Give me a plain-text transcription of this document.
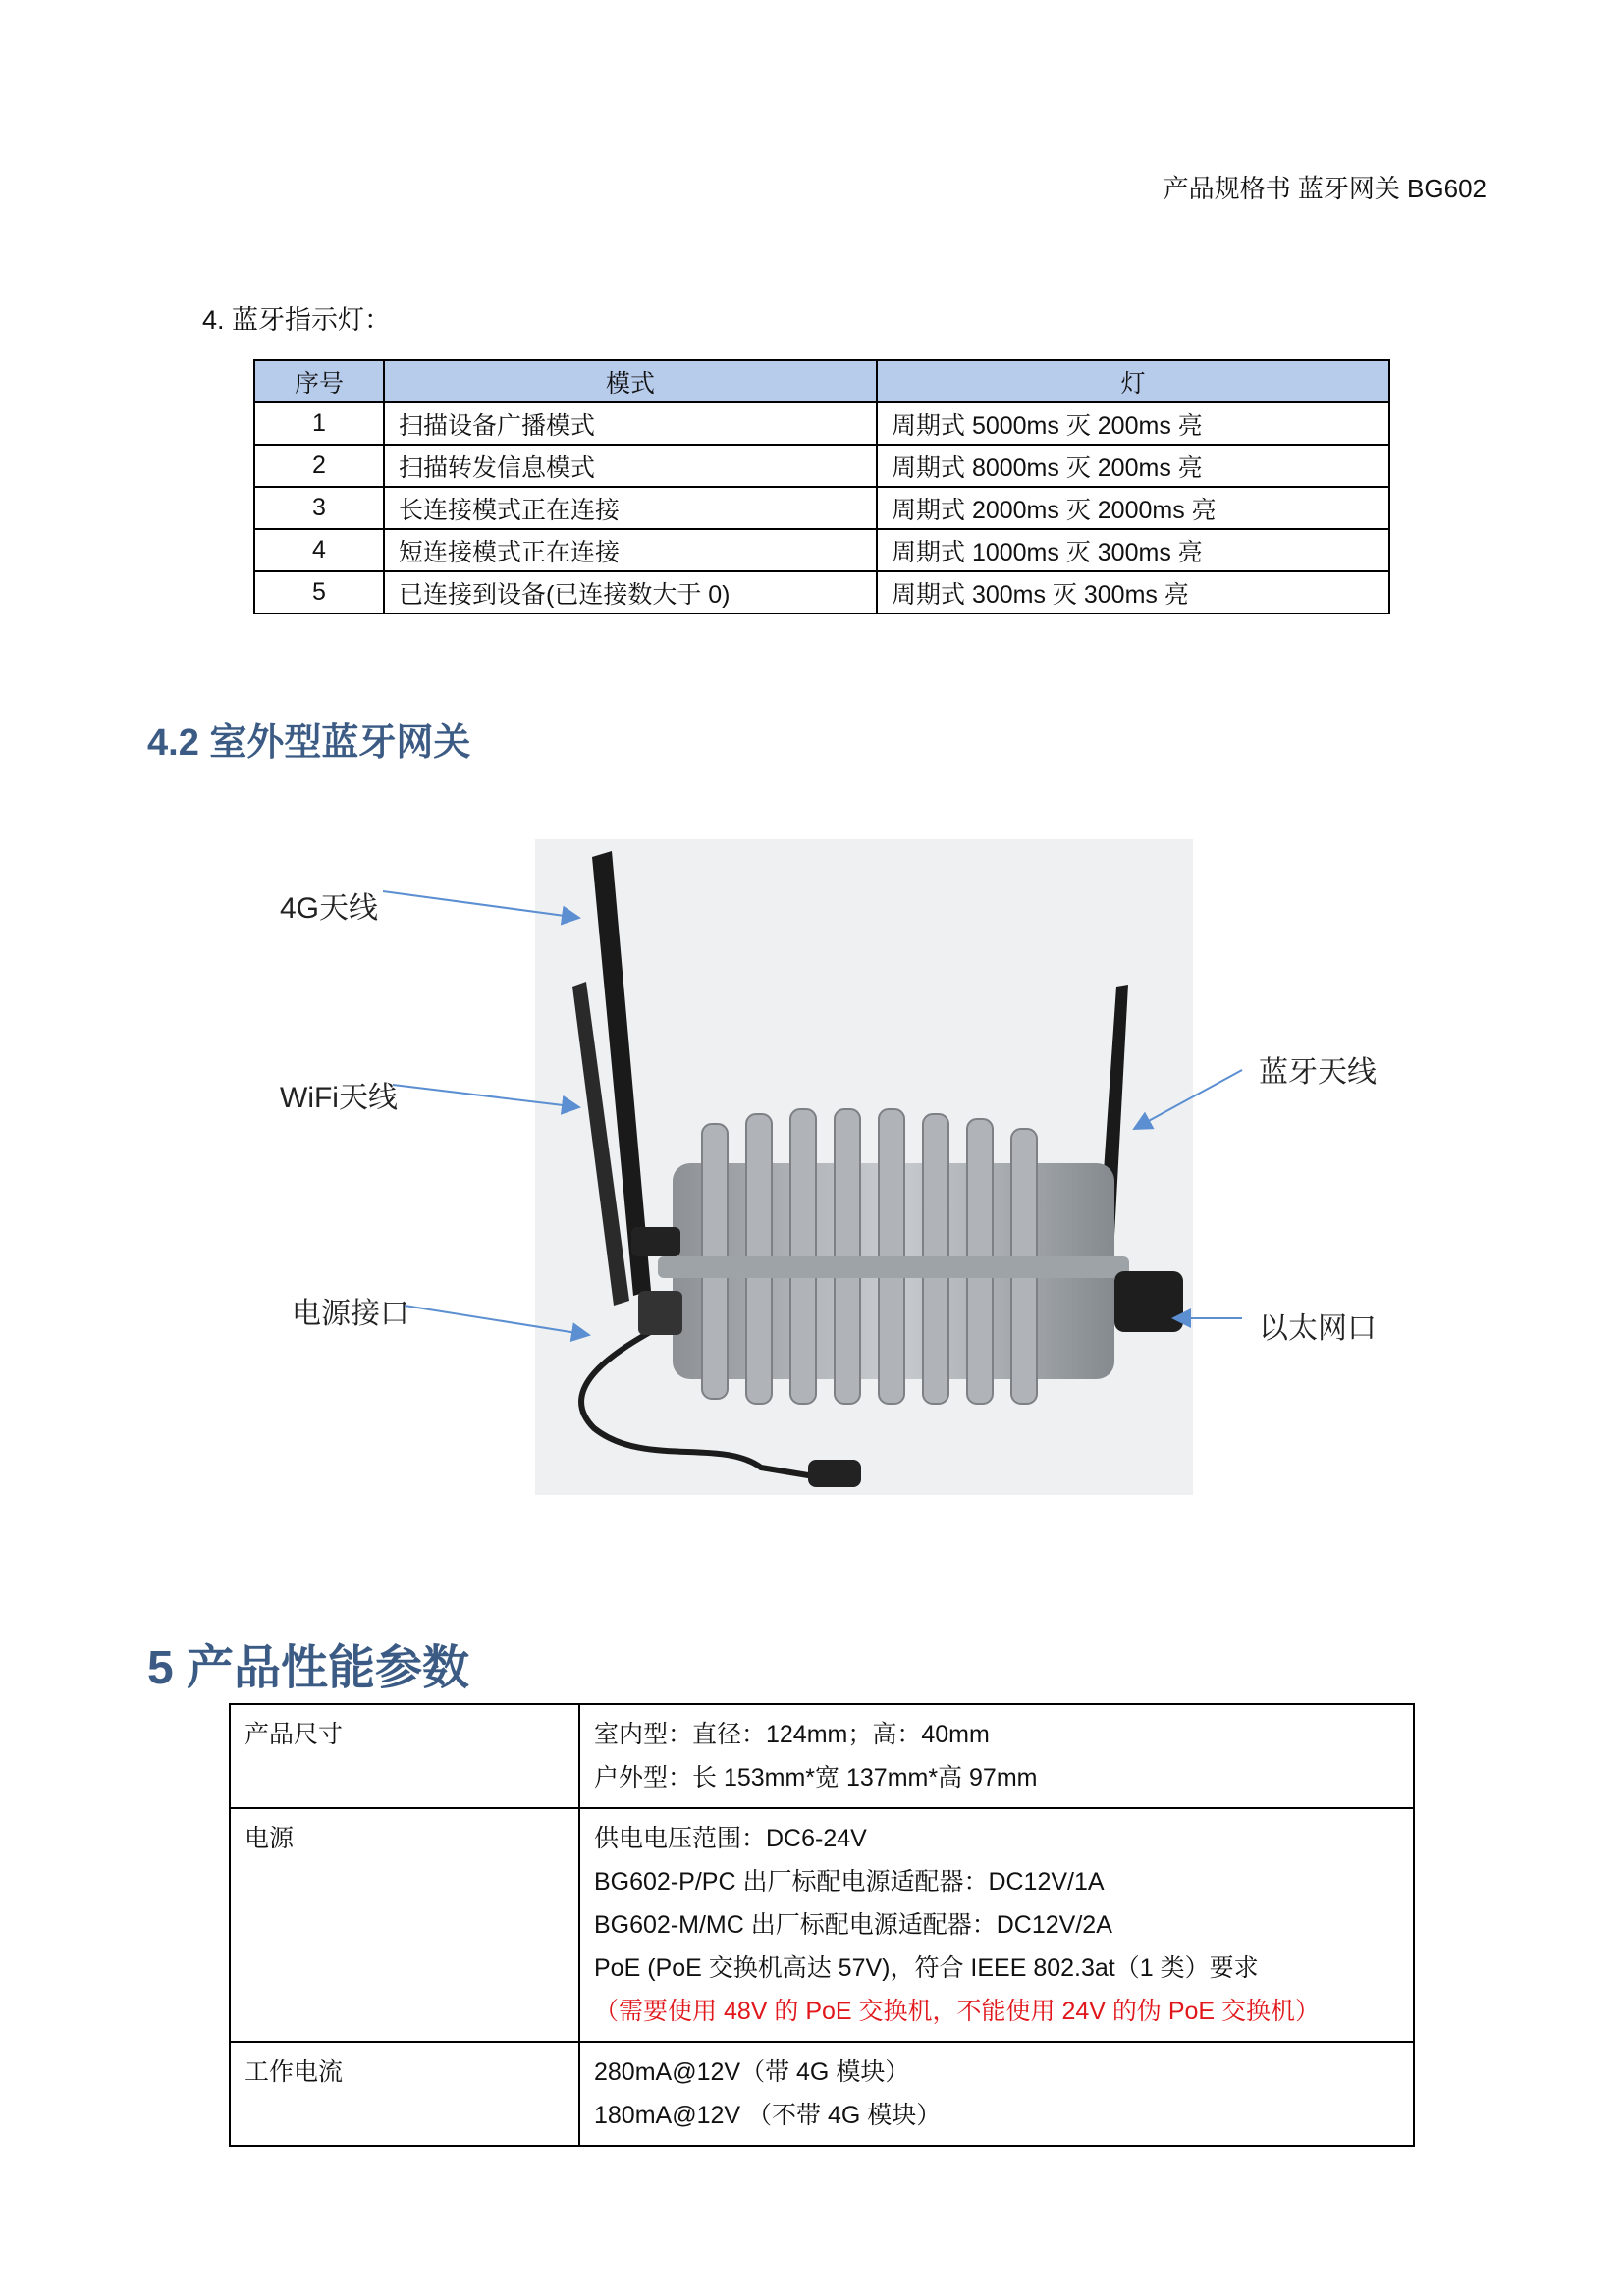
产品规格书 蓝牙网关 BG602
4. 蓝牙指示灯：
序号	模式	灯
1	扫描设备广播模式	周期式 5000ms 灭 200ms 亮
2	扫描转发信息模式	周期式 8000ms 灭 200ms 亮
3	长连接模式正在连接	周期式 2000ms 灭 2000ms 亮
4	短连接模式正在连接	周期式 1000ms 灭 300ms 亮
5	已连接到设备(已连接数大于 0)	周期式 300ms 灭 300ms 亮
4.2 室外型蓝牙网关
4G天线
WiFi天线
电源接口
蓝牙天线
以太网口
5 产品性能参数
产品尺寸	室内型：直径：124mm；高：40mm
户外型：长 153mm*宽 137mm*高 97mm

电源	供电电压范围：DC6-24V
BG602-P/PC 出厂标配电源适配器：DC12V/1A
BG602-M/MC 出厂标配电源适配器：DC12V/2A
PoE (PoE 交换机高达 57V)，符合 IEEE 802.3at（1 类）要求
（需要使用 48V 的 PoE 交换机，不能使用 24V 的伪 PoE 交换机）

工作电流	280mA@12V（带 4G 模块）
180mA@12V （不带 4G 模块）
